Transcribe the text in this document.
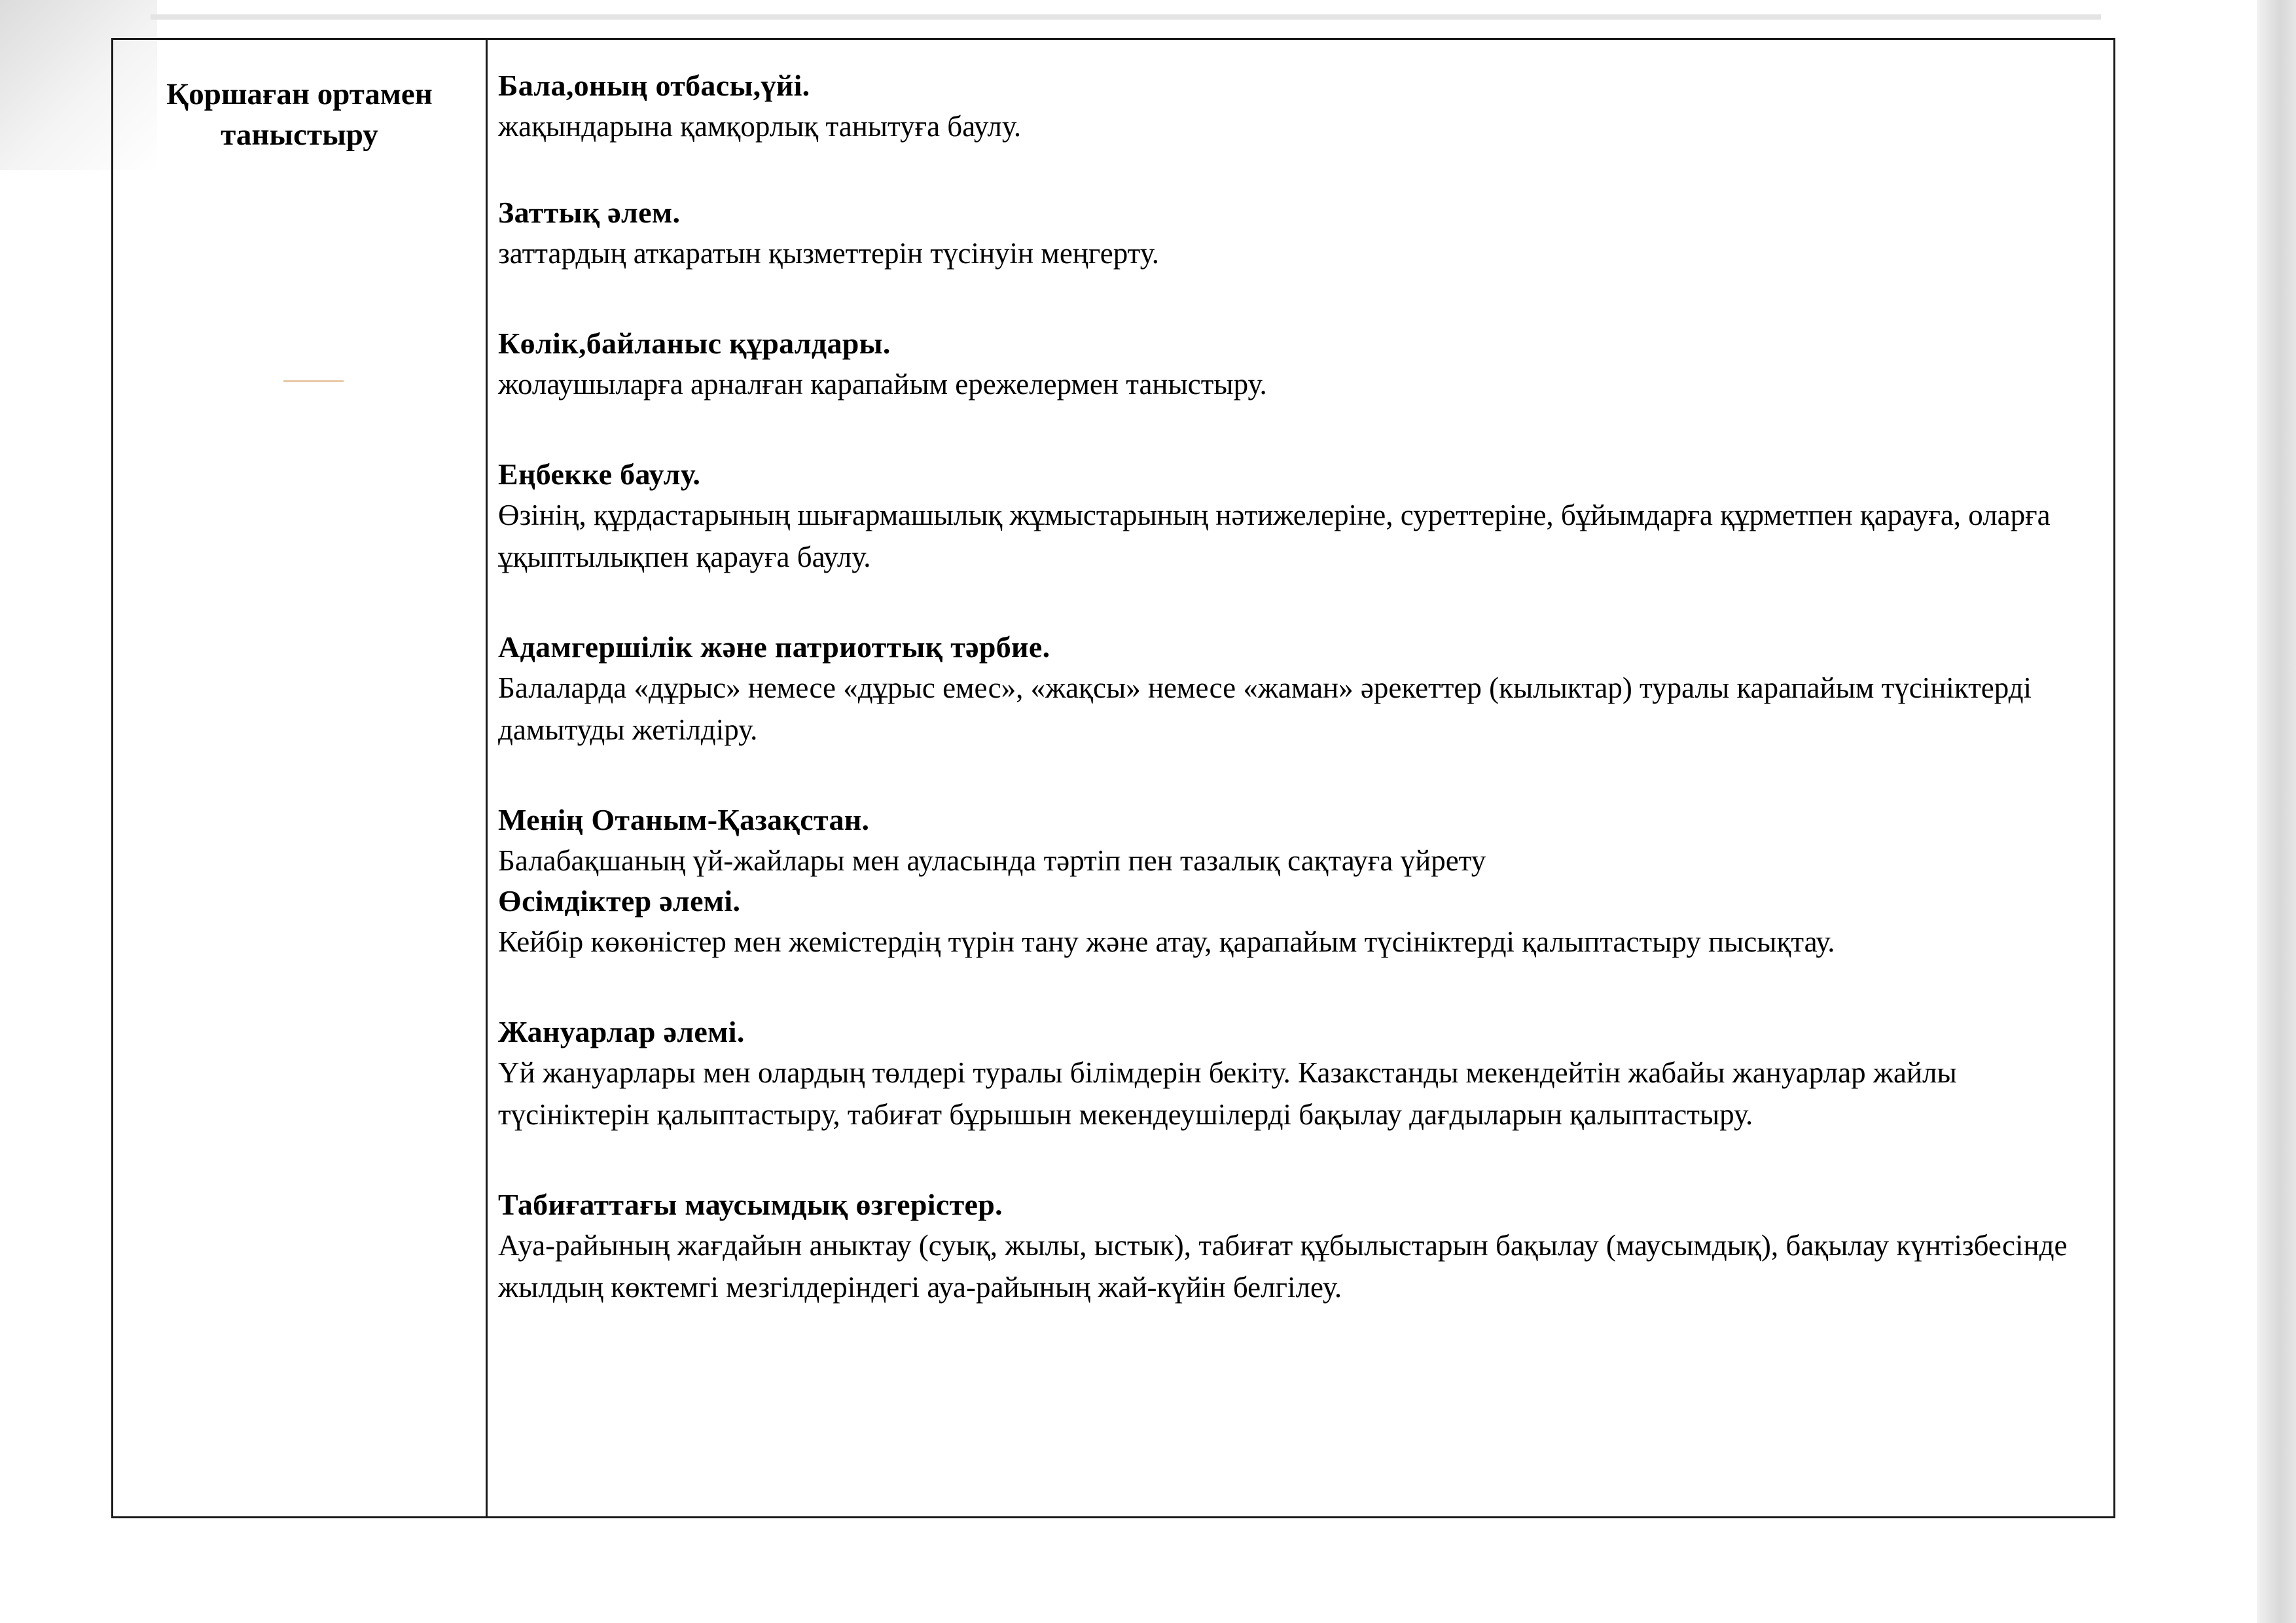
Қоршаған ортамен
таныстыру
Бала,оның отбасы,үйі.
жақындарына қамқорлық танытуға баулу.
Заттық әлем.
заттардың аткаратын қызметтерін түсінуін меңгерту.
Көлік,байланыс құралдары.
жолаушыларға арналған карапайым ережелермен таныстыру.
Еңбекке баулу.
Өзінің, құрдастарының шығармашылық жұмыстарының нәтижелеріне, суреттеріне, бұйымдарға құрметпен қарауға, оларға ұқыптылықпен қарауға баулу.
Адамгершілік және патриоттық тәрбие.
Балаларда «дұрыс» немесе «дұрыс емес», «жақсы» немесе «жаман» әрекеттер (кылыктар) туралы карапайым түсініктерді дамытуды жетілдіру.
Менің Отаным-Қазақстан.
Балабақшаның үй-жайлары мен ауласында тәртіп пен тазалық сақтауға үйрету
Өсімдіктер әлемі.
Кейбір көкөністер мен жемістердің түрін тану және атау, қарапайым түсініктерді қалыптастыру пысықтау.
Жануарлар әлемі.
Үй жануарлары мен олардың төлдері туралы білімдерін бекіту. Казакстанды мекендейтін жабайы жануарлар жайлы түсініктерін қалыптастыру, табиғат бұрышын мекендеушілерді бақылау дағдыларын қалыптастыру.
Табиғаттағы маусымдық өзгерістер.
Ауа-райының жағдайын аныктау (суық, жылы, ыстык), табиғат құбылыстарын бақылау (маусымдық), бақылау күнтізбесінде жылдың көктемгі мезгілдеріндегі ауа-райының жай-күйін белгілеу.
